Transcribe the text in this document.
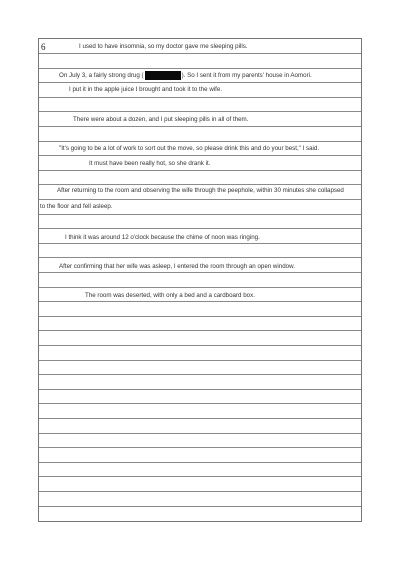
6	I used to have insomnia, so my doctor gave me sleeping pills.
On July 3, a fairly strong drug (	). So I sent it from my parents' house in Aomori.
I put it in the apple juice I brought and took it to the wife.
There were about a dozen, and I put sleeping pills in all of them.
"It's going to be a lot of work to sort out the move, so please drink this and do your best," I said.
It must have been really hot, so she drank it.
After returning to the room and observing the wife through the peephole, within 30 minutes she collapsed
to the floor and fell asleep.
I think it was around 12 o'clock because the chime of noon was ringing.
After confirming that her wife was asleep, I entered the room through an open window.
The room was deserted, with only a bed and a cardboard box.
